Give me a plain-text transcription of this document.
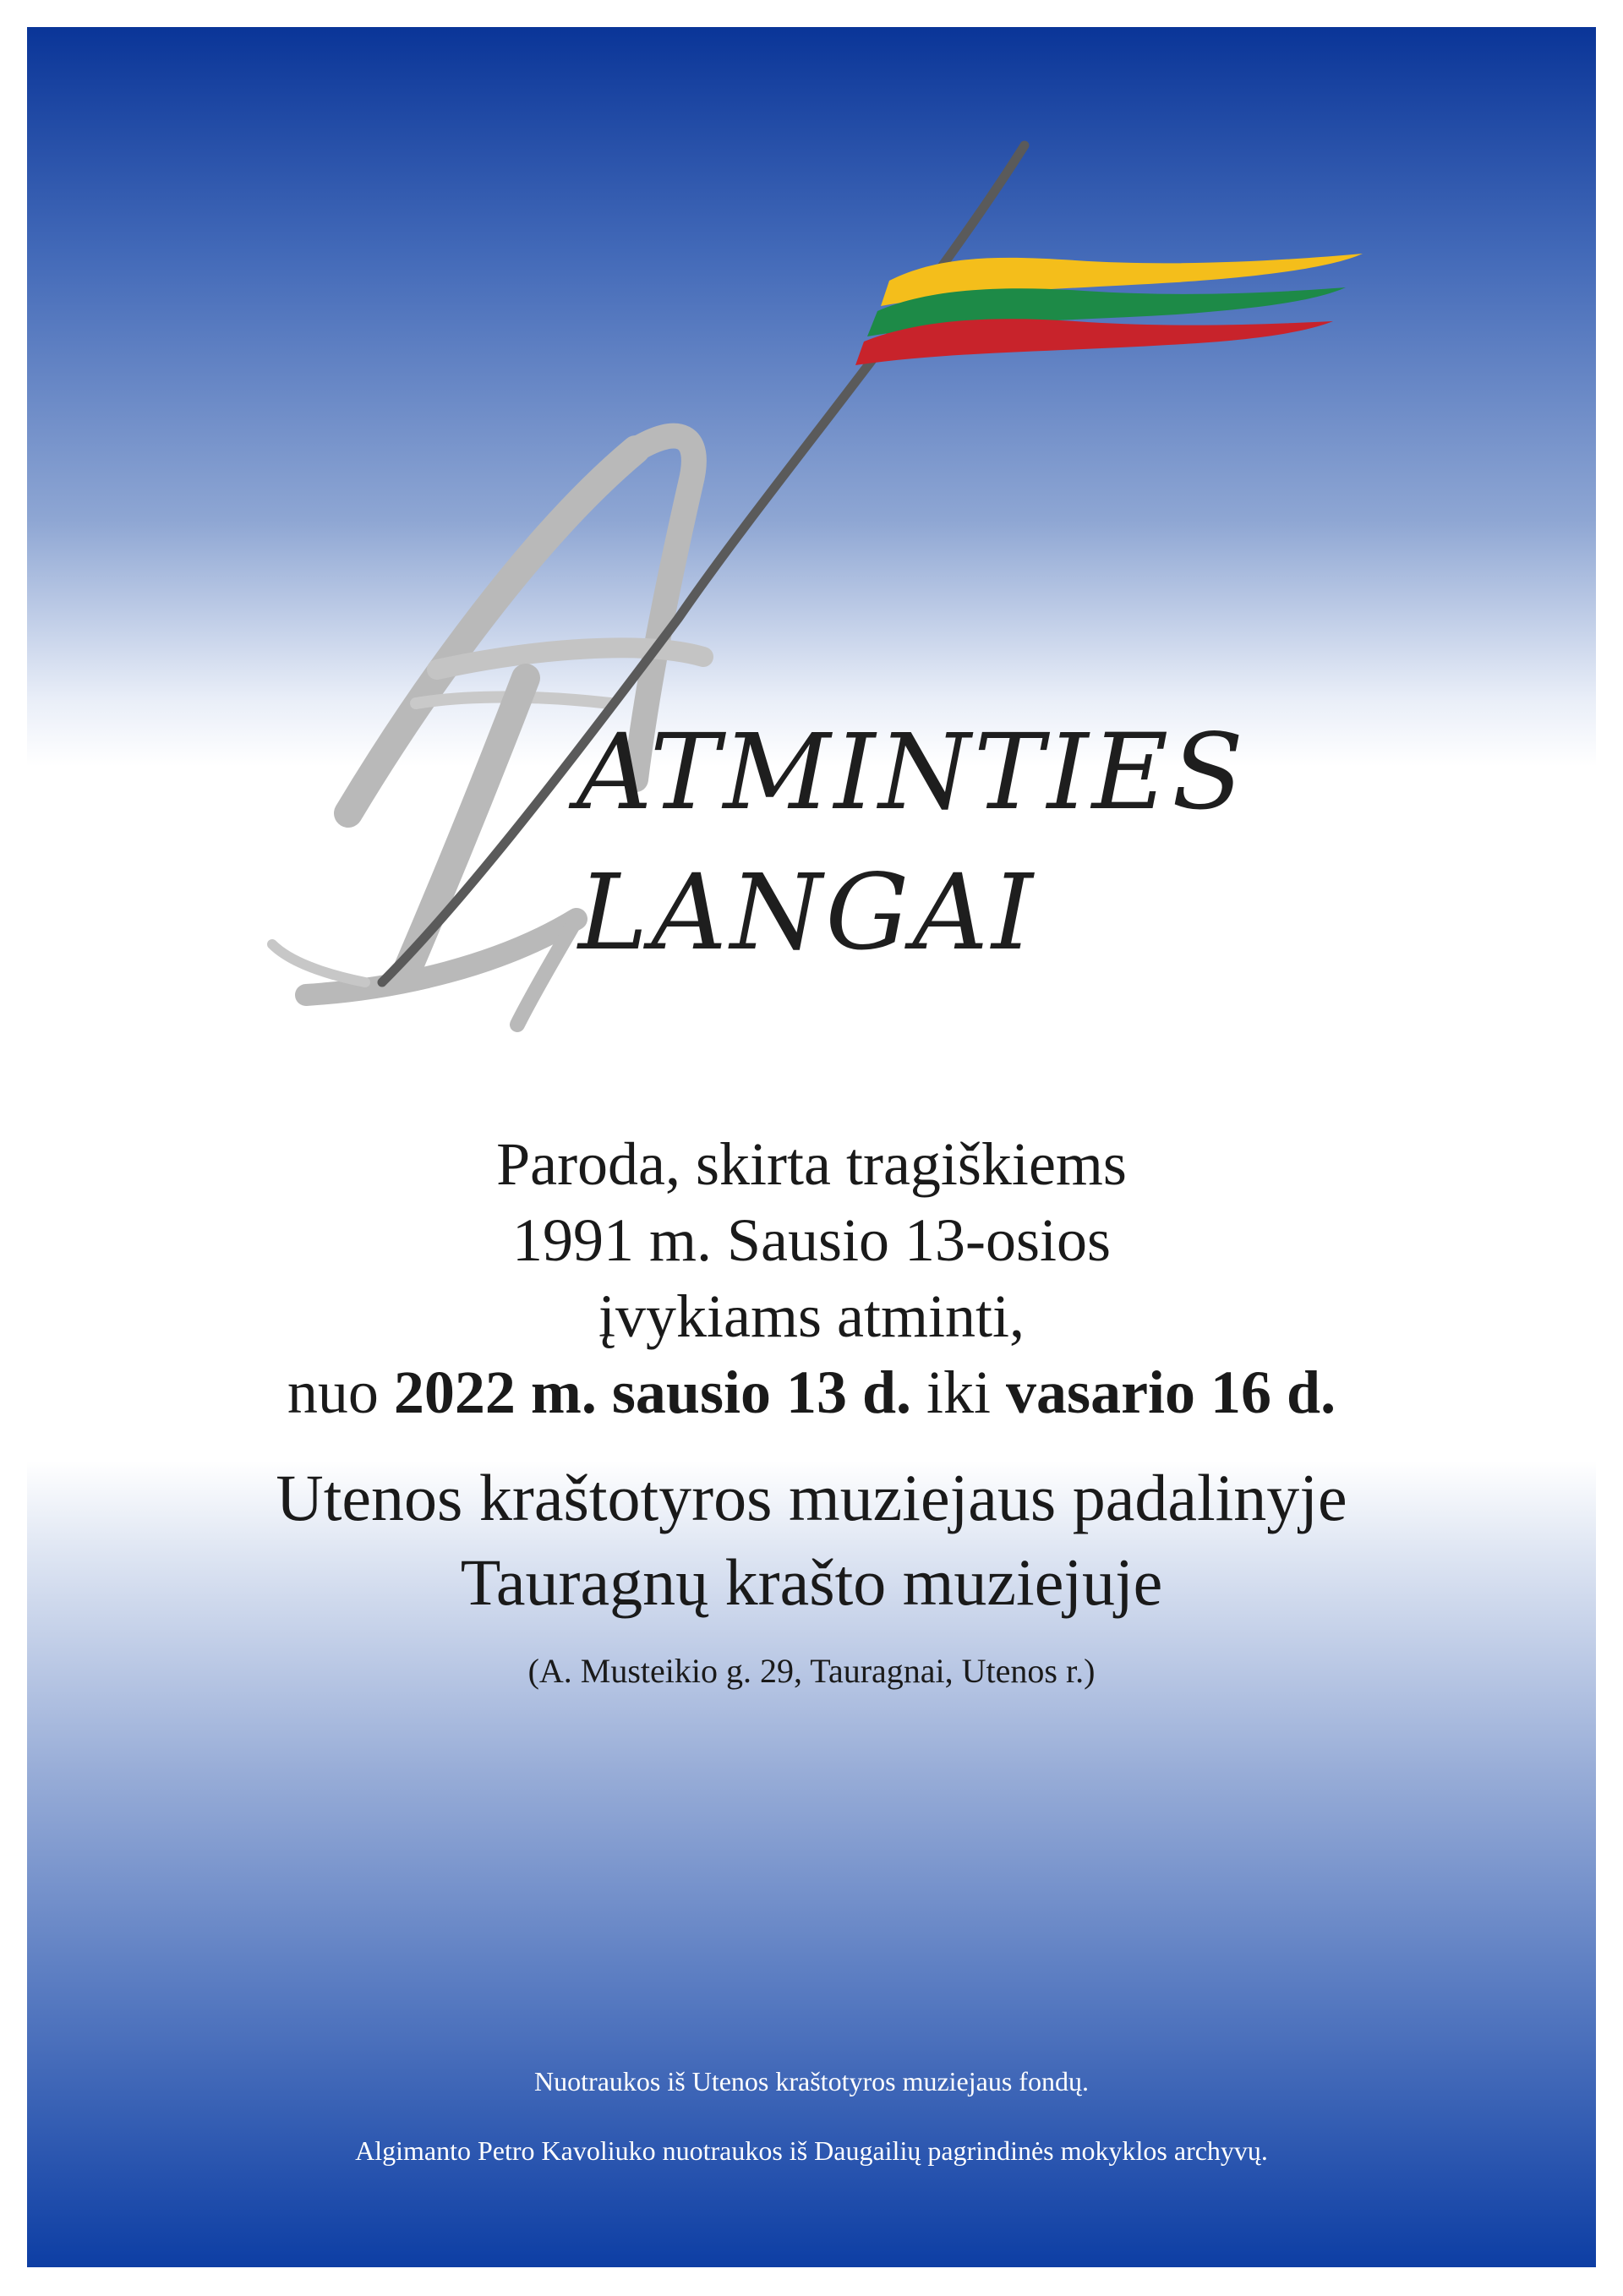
ATMINTIES
LANGAI
Paroda, skirta tragiškiems
1991 m. Sausio 13-osios
įvykiams atminti,
nuo 2022 m. sausio 13 d. iki vasario 16 d.
Utenos kraštotyros muziejaus padalinyje
Tauragnų krašto muziejuje
(A. Musteikio g. 29, Tauragnai, Utenos r.)
Nuotraukos iš Utenos kraštotyros muziejaus fondų.
Algimanto Petro Kavoliuko nuotraukos iš Daugailių pagrindinės mokyklos archyvų.
